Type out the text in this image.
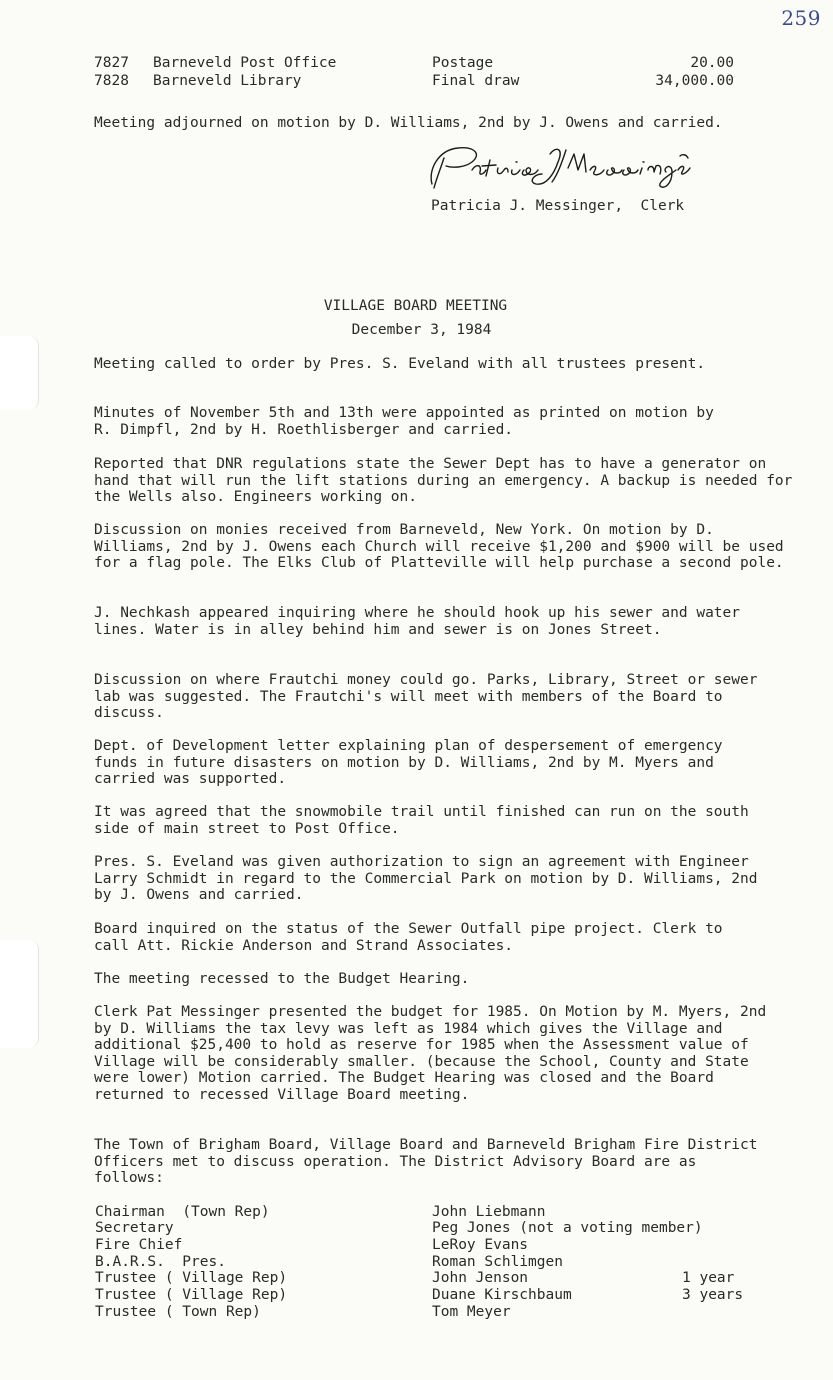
259
7827 Barneveld Post Office	Postage	20.00
7828 Barneveld Library	Final draw	34,000.00
Meeting adjourned on motion by D. Williams, 2nd by J. Owens and carried.
Patricia J. Messinger,  Clerk
VILLAGE BOARD MEETING
December 3, 1984
Meeting called to order by Pres. S. Eveland with all trustees present.
Minutes of November 5th and 13th were appointed as printed on motion by R. Dimpfl, 2nd by H. Roethlisberger and carried.
Reported that DNR regulations state the Sewer Dept has to have a generator on hand that will run the lift stations during an emergency. A backup is needed for the Wells also. Engineers working on.
Discussion on monies received from Barneveld, New York. On motion by D. Williams, 2nd by J. Owens each Church will receive $1,200 and $900 will be used for a flag pole. The Elks Club of Platteville will help purchase a second pole.
J. Nechkash appeared inquiring where he should hook up his sewer and water lines. Water is in alley behind him and sewer is on Jones Street.
Discussion on where Frautchi money could go. Parks, Library, Street or sewer lab was suggested. The Frautchi's will meet with members of the Board to discuss.
Dept. of Development letter explaining plan of despersement of emergency funds in future disasters on motion by D. Williams, 2nd by M. Myers and carried was supported.
It was agreed that the snowmobile trail until finished can run on the south side of main street to Post Office.
Pres. S. Eveland was given authorization to sign an agreement with Engineer Larry Schmidt in regard to the Commercial Park on motion by D. Williams, 2nd by J. Owens and carried.
Board inquired on the status of the Sewer Outfall pipe project. Clerk to call Att. Rickie Anderson and Strand Associates.
The meeting recessed to the Budget Hearing.
Clerk Pat Messinger presented the budget for 1985. On Motion by M. Myers, 2nd by D. Williams the tax levy was left as 1984 which gives the Village and additional $25,400 to hold as reserve for 1985 when the Assessment value of Village will be considerably smaller. (because the School, County and State were lower) Motion carried. The Budget Hearing was closed and the Board returned to recessed Village Board meeting.
The Town of Brigham Board, Village Board and Barneveld Brigham Fire District Officers met to discuss operation. The District Advisory Board are as follows:
Chairman  (Town Rep)	John Liebmann
Secretary	Peg Jones (not a voting member)
Fire Chief	LeRoy Evans
B.A.R.S.  Pres.	Roman Schlimgen
Trustee ( Village Rep)	John Jenson	1 year
Trustee ( Village Rep)	Duane Kirschbaum	3 years
Trustee ( Town Rep)	Tom Meyer
